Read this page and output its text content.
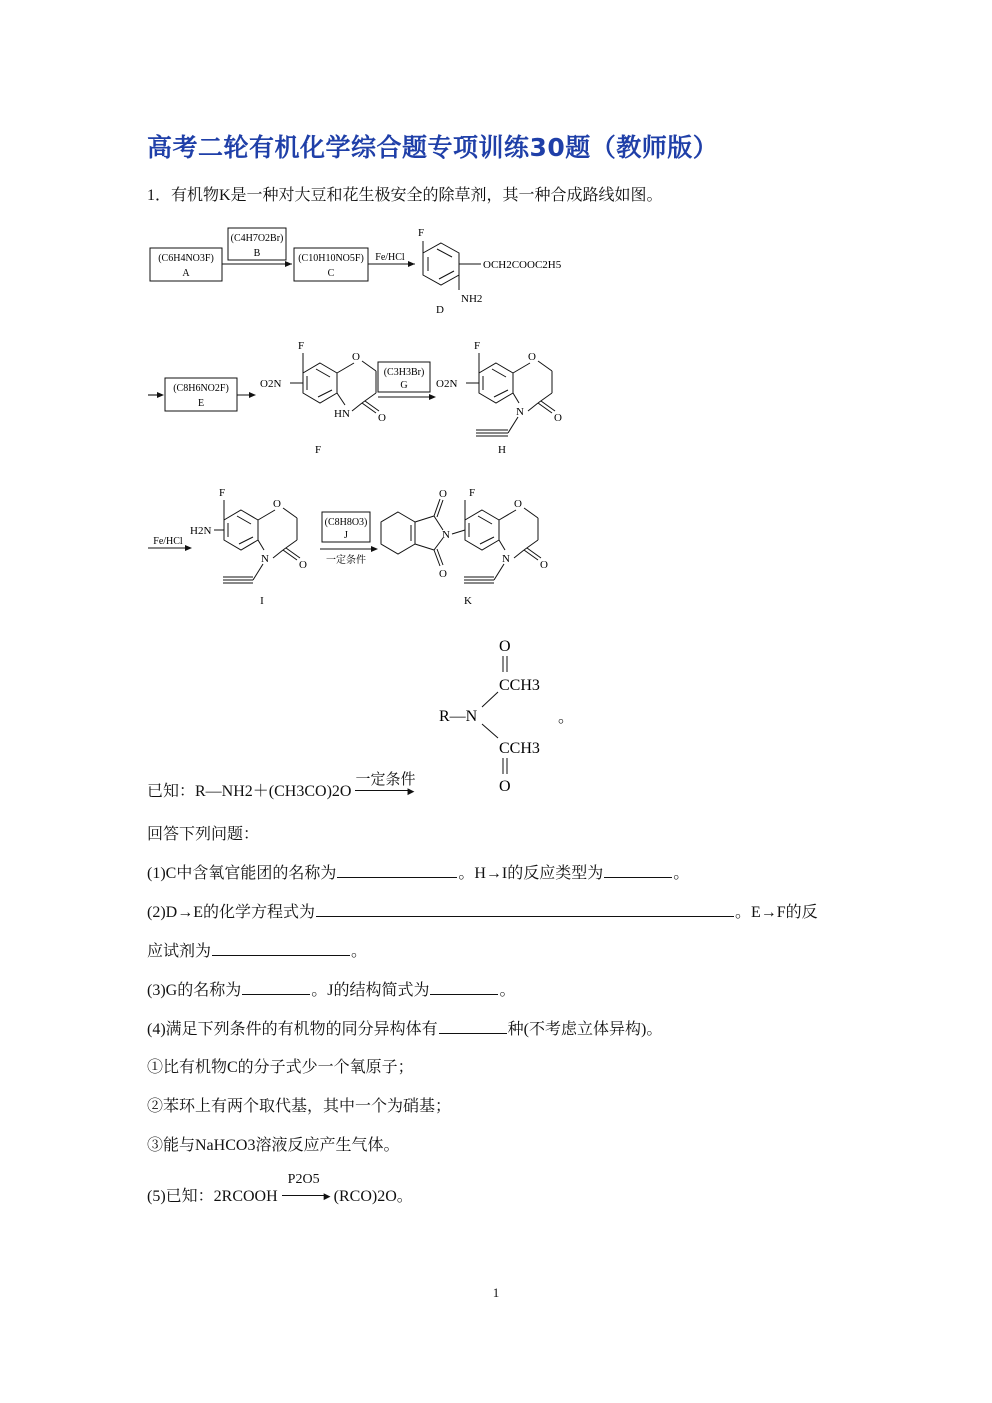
高考二轮有机化学综合题专项训练30题（教师版）
1．有机物K是一种对大豆和花生极安全的除草剂，其一种合成路线如图。
(C6H4NO3F)
A
(C4H7O2Br)
B	(C10H10NO5F)
C
Fe/HCl
F
OCH2COOC2H5
NH2
D
(C8H6NO2F)
E
F
O2N
O
O
HN
F
(C3H3Br)
G
F
O2N
O
O
N
H
Fe/HCl
F
H2N
O
O
N
I
(C8H8O3)
J
一定条件
O
O
N
F
O
O
N
K
O
CCH3
R—N
CCH3
O
。
已知：R—NH2＋(CH3CO)2O
一定条件
▶
回答下列问题：
(1)C中含氧官能团的名称为	。H→I的反应类型为	。
(2)D→E的化学方程式为	。E→F的反
应试剂为	。
(3)G的名称为	。J的结构简式为	。
(4)满足下列条件的有机物的同分异构体有	种(不考虑立体异构)。
①比有机物C的分子式少一个氧原子；
②苯环上有两个取代基，其中一个为硝基；
③能与NaHCO3溶液反应产生气体。
(5)已知：2RCOOH
P2O5
▶ (RCO)2O。
1
